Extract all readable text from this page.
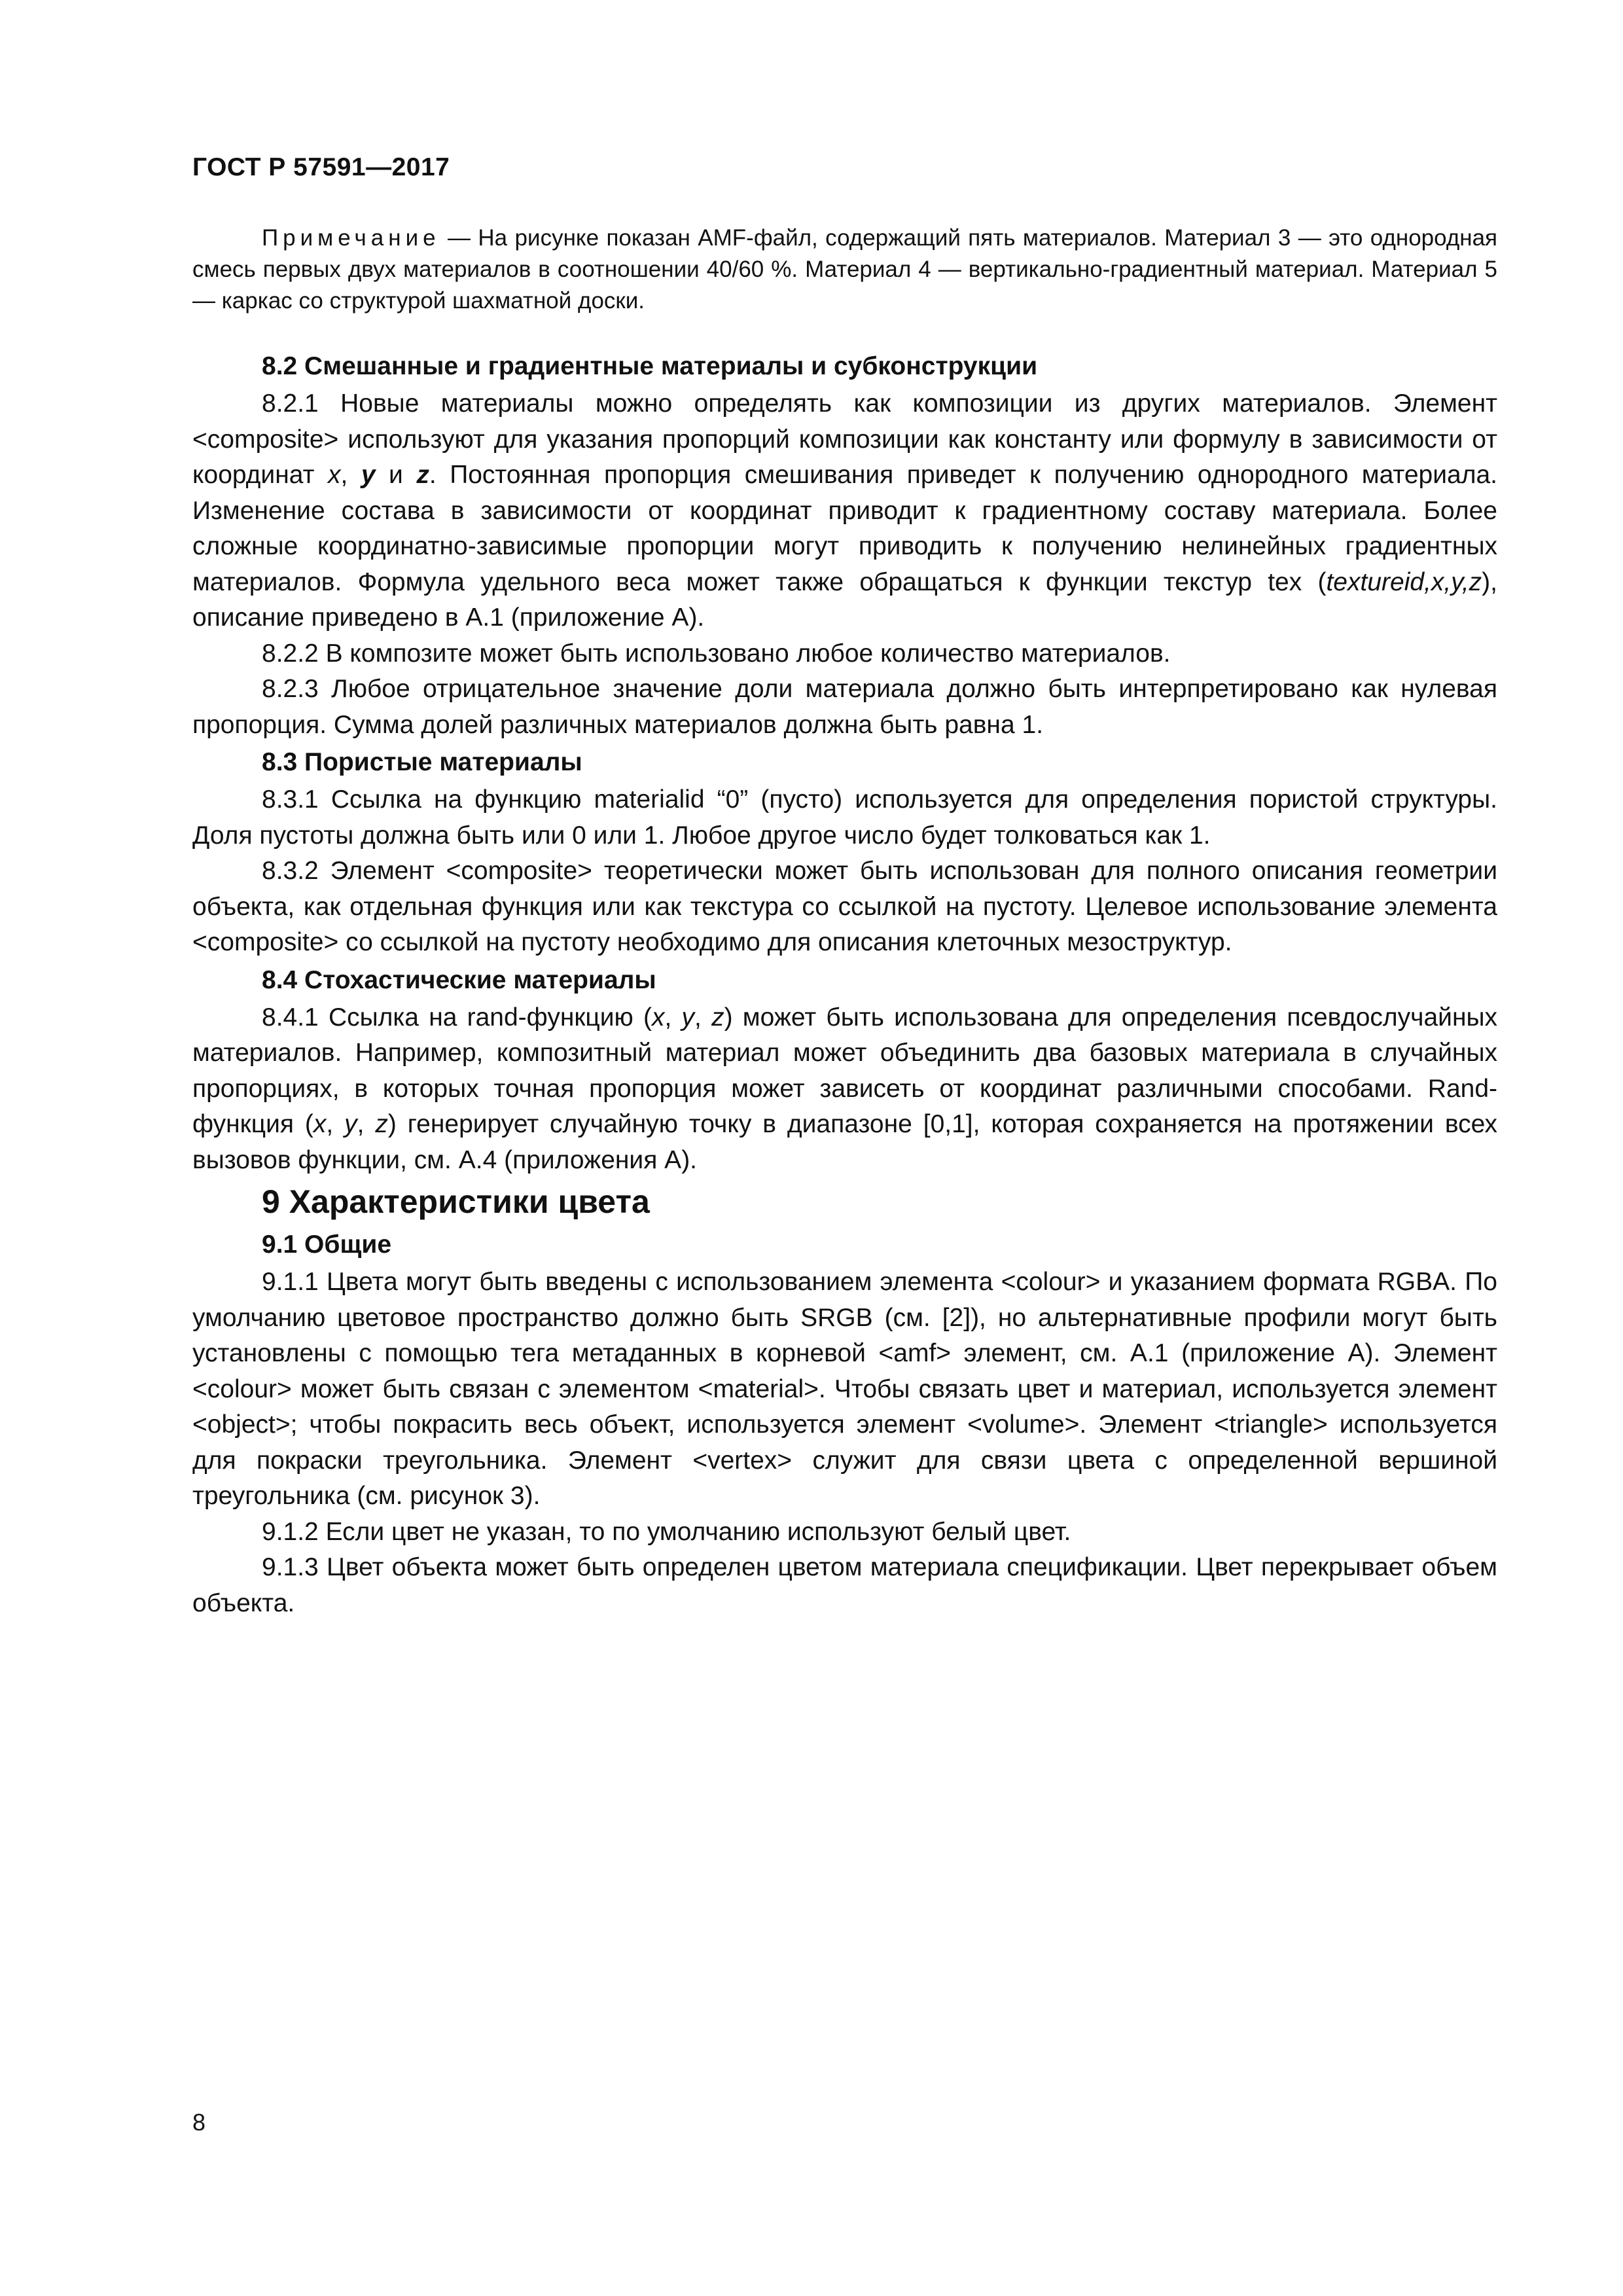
ГОСТ Р 57591—2017

Примечание — На рисунке показан AMF-файл, содержащий пять материалов. Материал 3 — это однородная смесь первых двух материалов в соотношении 40/60 %. Материал 4 — вертикально-градиентный материал. Материал 5 — каркас со структурой шахматной доски.

8.2 Смешанные и градиентные материалы и субконструкции

8.2.1 Новые материалы можно определять как композиции из других материалов. Элемент <composite> используют для указания пропорций композиции как константу или формулу в зависимости от координат x, y и z. Постоянная пропорция смешивания приведет к получению однородного материала. Изменение состава в зависимости от координат приводит к градиентному составу материала. Более сложные координатно-зависимые пропорции могут приводить к получению нелинейных градиентных материалов. Формула удельного веса может также обращаться к функции текстур tex (textureid,x,y,z), описание приведено в А.1 (приложение А).

8.2.2 В композите может быть использовано любое количество материалов.

8.2.3 Любое отрицательное значение доли материала должно быть интерпретировано как нулевая пропорция. Сумма долей различных материалов должна быть равна 1.

8.3 Пористые материалы

8.3.1 Ссылка на функцию materialid “0” (пусто) используется для определения пористой структуры. Доля пустоты должна быть или 0 или 1. Любое другое число будет толковаться как 1.

8.3.2 Элемент <composite> теоретически может быть использован для полного описания геометрии объекта, как отдельная функция или как текстура со ссылкой на пустоту. Целевое использование элемента <composite> со ссылкой на пустоту необходимо для описания клеточных мезоструктур.

8.4 Стохастические материалы

8.4.1 Ссылка на rand-функцию (x, y, z) может быть использована для определения псевдослучайных материалов. Например, композитный материал может объединить два базовых материала в случайных пропорциях, в которых точная пропорция может зависеть от координат различными способами. Rand-функция (x, y, z) генерирует случайную точку в диапазоне [0,1], которая сохраняется на протяжении всех вызовов функции, см. А.4 (приложения А).

9 Характеристики цвета
9.1 Общие

9.1.1 Цвета могут быть введены с использованием элемента <colour> и указанием формата RGBA. По умолчанию цветовое пространство должно быть SRGB (см. [2]), но альтернативные профили могут быть установлены с помощью тега метаданных в корневой <amf> элемент, см. А.1 (приложение А). Элемент <colour> может быть связан с элементом <material>. Чтобы связать цвет и материал, используется элемент <object>; чтобы покрасить весь объект, используется элемент <volume>. Элемент <triangle> используется для покраски треугольника. Элемент <vertex> служит для связи цвета с определенной вершиной треугольника (см. рисунок 3).

9.1.2 Если цвет не указан, то по умолчанию используют белый цвет.

9.1.3 Цвет объекта может быть определен цветом материала спецификации. Цвет перекрывает объем объекта.

8
